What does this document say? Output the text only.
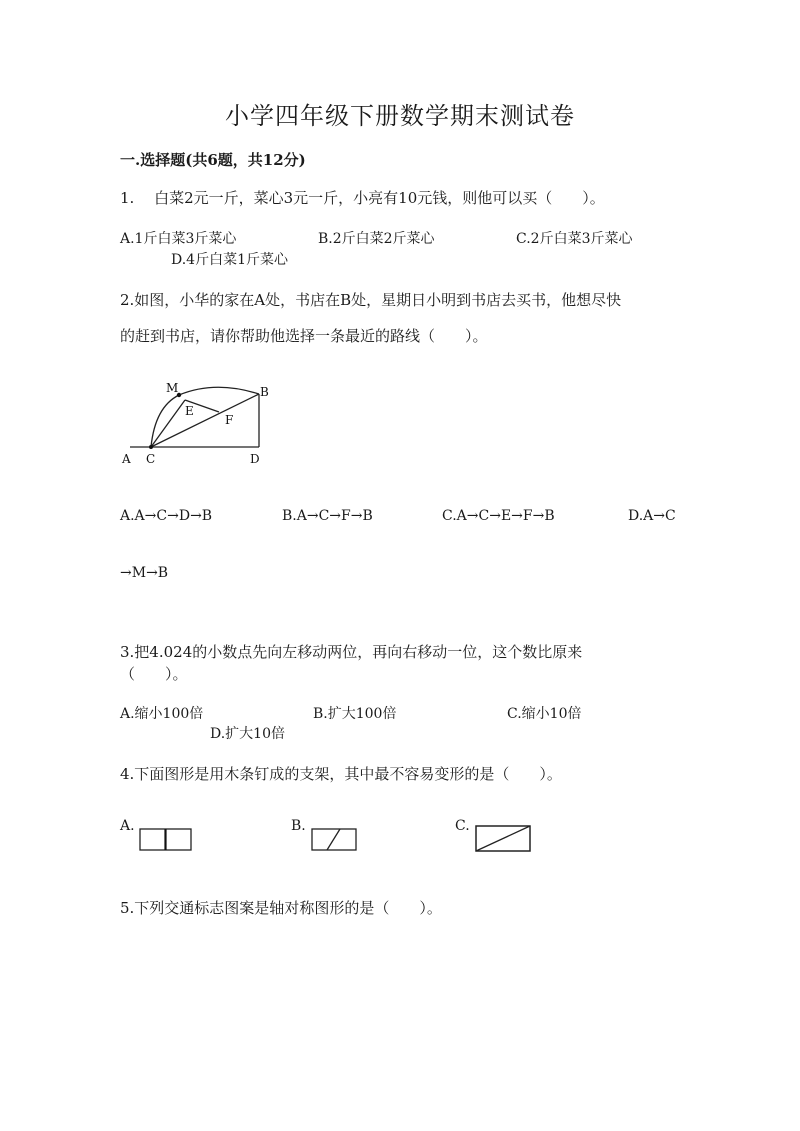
小学四年级下册数学期末测试卷
一.选择题(共6题，共12分)
1.　 白菜2元一斤，菜心3元一斤，小亮有10元钱，则他可以买（　　）。
A.1斤白菜3斤菜心	B.2斤白菜2斤菜心	C.2斤白菜3斤菜心
D.4斤白菜1斤菜心
2.如图，小华的家在A处，书店在B处，星期日小明到书店去买书，他想尽快
的赶到书店，请你帮助他选择一条最近的路线（　　）。
M	B
E
F
A C	D
A.A→C→D→B	B.A→C→F→B	C.A→C→E→F→B	D.A→C
→M→B
3.把4.024的小数点先向左移动两位，再向右移动一位，这个数比原来
（　　）。
A.缩小100倍	B.扩大100倍	C.缩小10倍
D.扩大10倍
4.下面图形是用木条钉成的支架，其中最不容易变形的是（　　）。
A.	B.	C.
5.下列交通标志图案是轴对称图形的是（　　）。
